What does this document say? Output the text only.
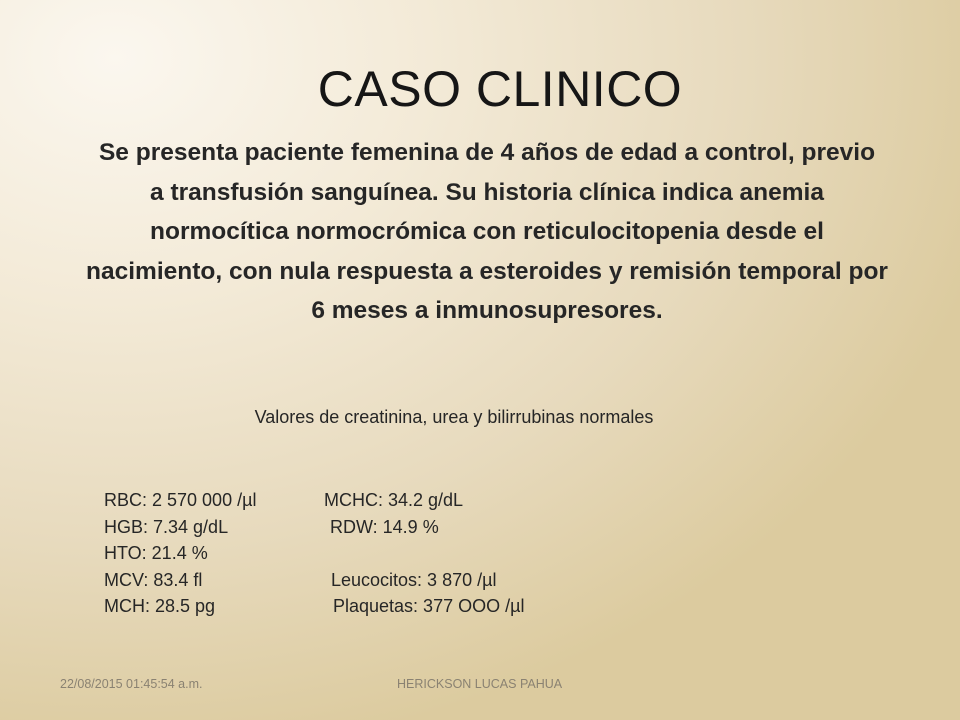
CASO CLINICO
Se presenta paciente femenina de 4 años de edad a control, previo
a transfusión sanguínea. Su historia clínica indica anemia
normocítica normocrómica con reticulocitopenia desde el
nacimiento, con nula respuesta a esteroides y remisión temporal por
6 meses a inmunosupresores.
Valores de creatinina, urea y bilirrubinas normales
RBC: 2 570 000 /µl
HGB: 7.34 g/dL
HTO: 21.4 %
MCV: 83.4 fl
MCH: 28.5 pg
MCHC: 34.2 g/dL
RDW: 14.9 %
Leucocitos: 3 870 /µl
Plaquetas: 377 OOO /µl
22/08/2015 01:45:54 a.m.	HERICKSON LUCAS PAHUA
